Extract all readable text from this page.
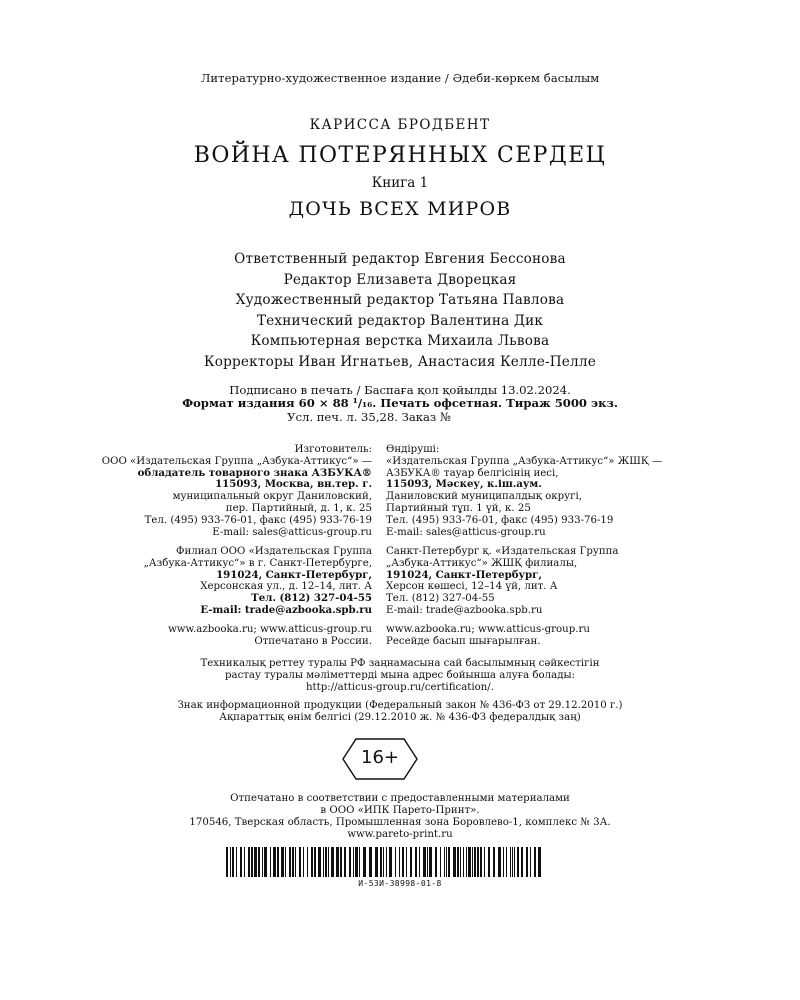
Литературно-художественное издание / Әдеби-көркем басылым
КАРИССА БРОДБЕНТ
ВОЙНА ПОТЕРЯННЫХ СЕРДЕЦ
Книга 1
ДОЧЬ ВСЕХ МИРОВ
Ответственный редактор Евгения Бессонова
Редактор Елизавета Дворецкая
Художественный редактор Татьяна Павлова
Технический редактор Валентина Дик
Компьютерная верстка Михаила Львова
Корректоры Иван Игнатьев, Анастасия Келле-Пелле
Подписано в печать / Баспаға қол қойылды 13.02.2024.
Формат издания 60 × 88 ¹/₁₆. Печать офсетная. Тираж 5000 экз.
Усл. печ. л. 35,28. Заказ №
Изготовитель:
ООО «Издательская Группа „Азбука-Аттикус“» —
обладатель товарного знака АЗБУКА®
115093, Москва, вн.тер. г.
муниципальный округ Даниловский,
пер. Партийный, д. 1, к. 25
Тел. (495) 933-76-01, факс (495) 933-76-19
E-mail: sales@atticus-group.ru
Өндіруші:
«Издательская Группа „Азбука-Аттикус“» ЖШҚ —
АЗБУКА® тауар белгісінің иесі,
115093, Мәскеу, к.іш.аум.
Даниловский муниципалдық округі,
Партийный тұп. 1 үй, к. 25
Тел. (495) 933-76-01, факс (495) 933-76-19
E-mail: sales@atticus-group.ru
Филиал ООО «Издательская Группа
„Азбука-Аттикус“» в г. Санкт-Петербурге,
191024, Санкт-Петербург,
Херсонская ул., д. 12–14, лит. А
Тел. (812) 327-04-55
E-mail: trade@azbooka.spb.ru
Санкт-Петербург қ. «Издательская Группа
„Азбука-Аттикус“» ЖШҚ филиалы,
191024, Санкт-Петербург,
Херсон көшесі, 12–14 үй, лит. А
Тел. (812) 327-04-55
E-mail: trade@azbooka.spb.ru
www.azbooka.ru; www.atticus-group.ru
Отпечатано в России.
www.azbooka.ru; www.atticus-group.ru
Ресейде басып шығарылған.
Техникалық реттеу туралы РФ заңнамасына сай басылымның сәйкестігін
растау туралы мәліметтерді мына адрес бойынша алуға болады:
http://atticus-group.ru/certification/.
Знак информационной продукции (Федеральный закон № 436-ФЗ от 29.12.2010 г.)
Ақпараттық өнім белгісі (29.12.2010 ж. № 436-ФЗ федералдық заң)
16+
Отпечатано в соответствии с предоставленными материалами
в ООО «ИПК Парето-Принт».
170546, Тверская область, Промышленная зона Боровлево-1, комплекс № 3А.
www.pareto-print.ru
И-53И-38998-01-8
